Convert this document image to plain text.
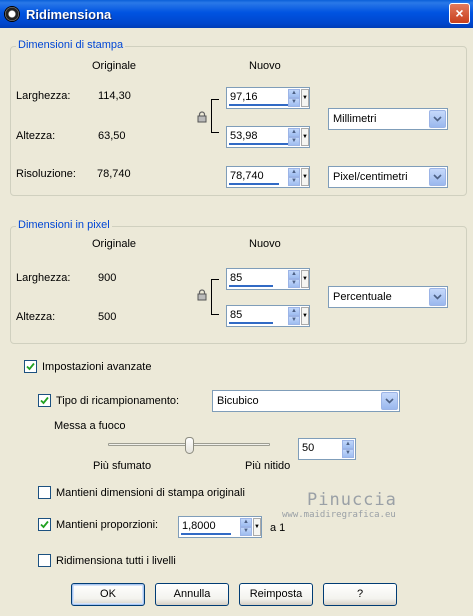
Ridimensiona	×
Dimensioni di stampa
Originale	Nuovo
Larghezza:	114,30	97,16	▲
▼
▼
Altezza:	63,50	53,98	▲
▼
▼
Millimetri
Risoluzione: 78,740	78,740	▲
▼
▼ Pixel/centimetri
Dimensioni in pixel
Originale	Nuovo
Larghezza:	900	85	▲
▼
▼
Altezza:	500	85	▲
▼
▼
Percentuale
Impostazioni avanzate
Tipo di ricampionamento:	Bicubico
Messa a fuoco
Più sfumato	Più nitido
50	▲
▼
Mantieni dimensioni di stampa originali
Mantieni proporzioni: 1,8000	▲
▼
▼ a 1
Ridimensiona tutti i livelli
Pinuccia
www.maidiregrafica.eu
OK	Annulla	Reimposta	?
